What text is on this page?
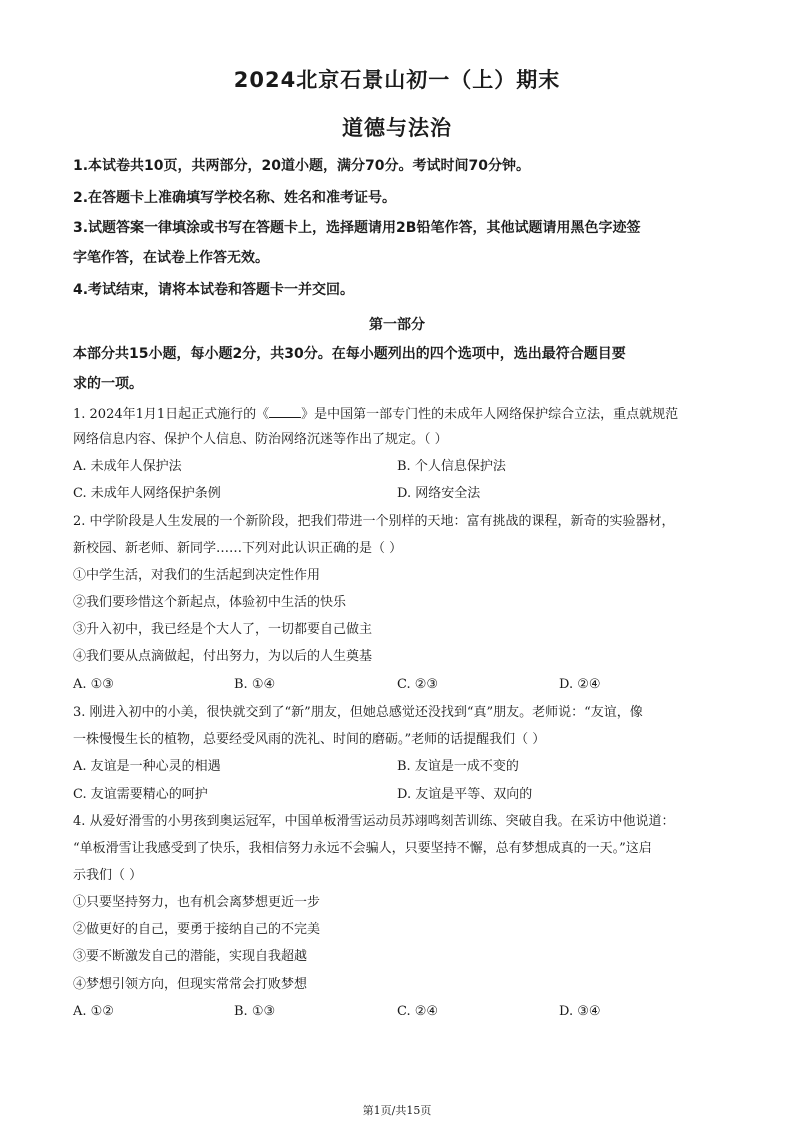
2024北京石景山初一（上）期末
道德与法治
1.本试卷共10页，共两部分，20道小题，满分70分。考试时间70分钟。
2.在答题卡上准确填写学校名称、姓名和准考证号。
3.试题答案一律填涂或书写在答题卡上，选择题请用2B铅笔作答，其他试题请用黑色字迹签
字笔作答，在试卷上作答无效。
4.考试结束，请将本试卷和答题卡一并交回。
第一部分
本部分共15小题，每小题2分，共30分。在每小题列出的四个选项中，选出最符合题目要
求的一项。
1. 2024年1月1日起正式施行的《 》是中国第一部专门性的未成年人网络保护综合立法，重点就规范
网络信息内容、保护个人信息、防治网络沉迷等作出了规定。（ ）
A. 未成年人保护法	B. 个人信息保护法
C. 未成年人网络保护条例	D. 网络安全法
2. 中学阶段是人生发展的一个新阶段，把我们带进一个别样的天地：富有挑战的课程，新奇的实验器材，
新校园、新老师、新同学……下列对此认识正确的是（ ）
①中学生活，对我们的生活起到决定性作用
②我们要珍惜这个新起点，体验初中生活的快乐
③升入初中，我已经是个大人了，一切都要自己做主
④我们要从点滴做起，付出努力，为以后的人生奠基
A. ①③	B. ①④	C. ②③	D. ②④
3. 刚进入初中的小美，很快就交到了“新”朋友，但她总感觉还没找到“真”朋友。老师说：“友谊，像
一株慢慢生长的植物，总要经受风雨的洗礼、时间的磨砺。”老师的话提醒我们（ ）
A. 友谊是一种心灵的相遇	B. 友谊是一成不变的
C. 友谊需要精心的呵护	D. 友谊是平等、双向的
4. 从爱好滑雪的小男孩到奥运冠军，中国单板滑雪运动员苏翊鸣刻苦训练、突破自我。在采访中他说道：
“单板滑雪让我感受到了快乐，我相信努力永远不会骗人，只要坚持不懈，总有梦想成真的一天。”这启
示我们（ ）
①只要坚持努力，也有机会离梦想更近一步
②做更好的自己，要勇于接纳自己的不完美
③要不断激发自己的潜能，实现自我超越
④梦想引领方向，但现实常常会打败梦想
A. ①②	B. ①③	C. ②④	D. ③④
第1页/共15页
